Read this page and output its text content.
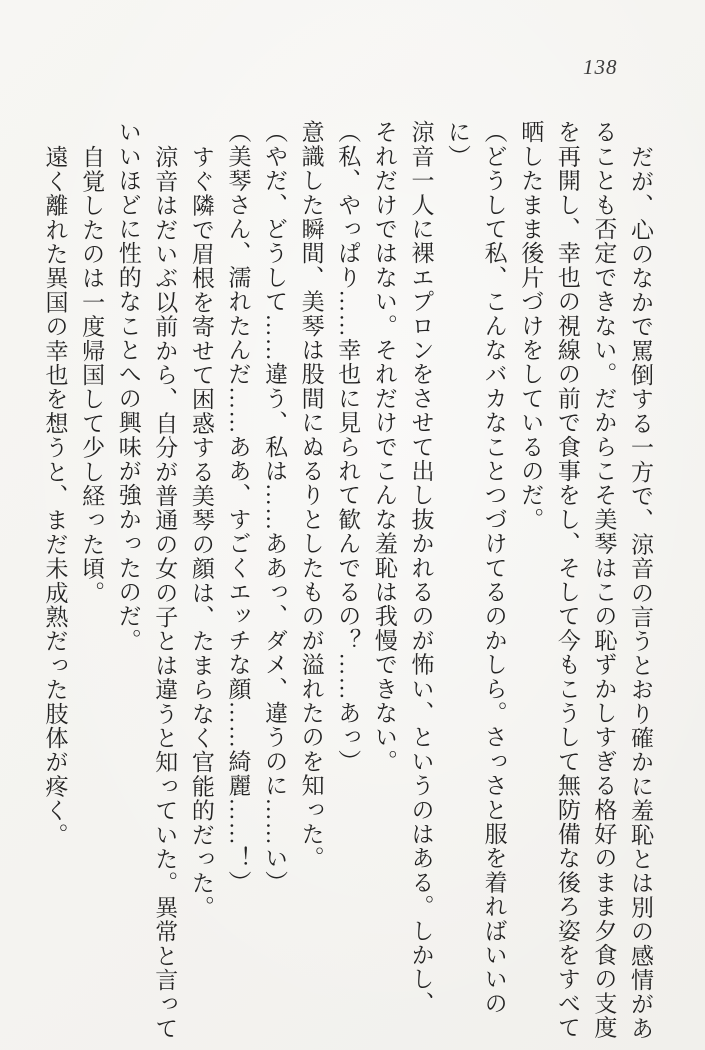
138
だが、心のなかで罵倒する一方で、涼音の言うとおり確かに羞恥とは別の感情があ
ることも否定できない。だからこそ美琴はこの恥ずかしすぎる格好のまま夕食の支度
を再開し、幸也の視線の前で食事をし、そして今もこうして無防備な後ろ姿をすべて
晒したまま後片づけをしているのだ。
（どうして私、こんなバカなことつづけてるのかしら。さっさと服を着ればいいのに）
涼音一人に裸エプロンをさせて出し抜かれるのが怖い、というのはある。しかし、
それだけではない。それだけでこんな羞恥は我慢できない。
（私、やっぱり……幸也に見られて歓んでるの？……あっ）
意識した瞬間、美琴は股間にぬるりとしたものが溢れたのを知った。
（やだ、どうして……違う、私は……ああっ、ダメ、違うのに……い）
（美琴さん、濡れたんだ……ああ、すごくエッチな顔……綺麗……！）
すぐ隣で眉根を寄せて困惑する美琴の顔は、たまらなく官能的だった。
涼音はだいぶ以前から、自分が普通の女の子とは違うと知っていた。異常と言って
いいほどに性的なことへの興味が強かったのだ。
自覚したのは一度帰国して少し経った頃。
遠く離れた異国の幸也を想うと、まだ未成熟だった肢体が疼く。
